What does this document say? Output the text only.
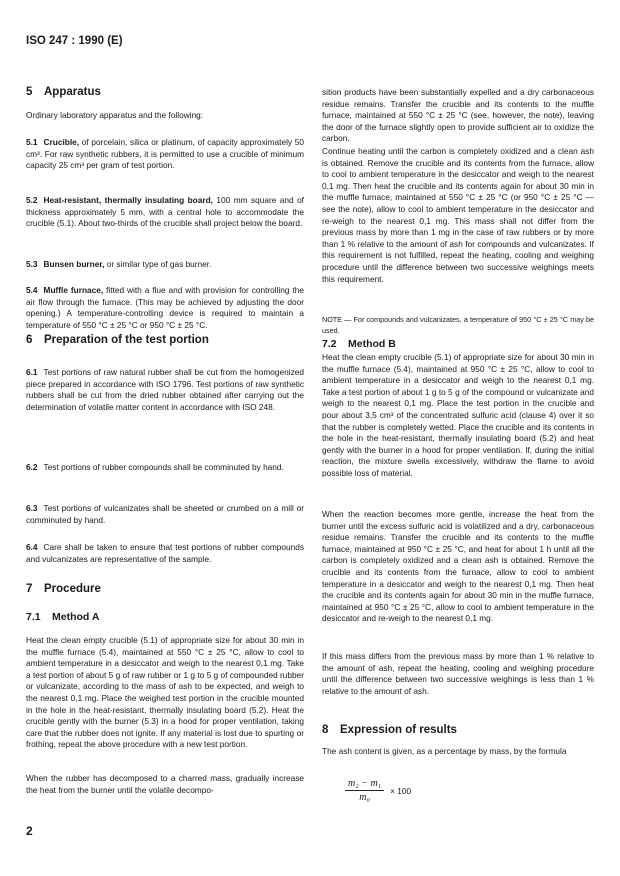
ISO 247 : 1990 (E)
5 Apparatus
Ordinary laboratory apparatus and the following:
5.1 Crucible, of porcelain, silica or platinum, of capacity approximately 50 cm³. For raw synthetic rubbers, it is permitted to use a crucible of minimum capacity 25 cm³ per gram of test portion.
5.2 Heat-resistant, thermally insulating board, 100 mm square and of thickness approximately 5 mm, with a central hole to accommodate the crucible (5.1). About two-thirds of the crucible shall project below the board.
5.3 Bunsen burner, or similar type of gas burner.
5.4 Muffle furnace, fitted with a flue and with provision for controlling the air flow through the furnace. (This may be achieved by adjusting the door opening.) A temperature-controlling device is required to maintain a temperature of 550 °C ± 25 °C or 950 °C ± 25 °C.
6 Preparation of the test portion
6.1 Test portions of raw natural rubber shall be cut from the homogenized piece prepared in accordance with ISO 1796. Test portions of raw synthetic rubbers shall be cut from the dried rubber obtained after carrying out the determination of volatile matter content in accordance with ISO 248.
6.2 Test portions of rubber compounds shall be comminuted by hand.
6.3 Test portions of vulcanizates shall be sheeted or crumbed on a mill or comminuted by hand.
6.4 Care shall be taken to ensure that test portions of rubber compounds and vulcanizates are representative of the sample.
7 Procedure
7.1 Method A
Heat the clean empty crucible (5.1) of appropriate size for about 30 min in the muffle furnace (5.4), maintained at 550 °C ± 25 °C, allow to cool to ambient temperature in a desiccator and weigh to the nearest 0,1 mg. Take a test portion of about 5 g of raw rubber or 1 g to 5 g of compounded rubber or vulcanizate, according to the mass of ash to be expected, and weigh to the nearest 0,1 mg. Place the weighed test portion in the crucible mounted in the hole in the heat-resistant, thermally insulating board (5.2). Heat the crucible gently with the burner (5.3) in a hood for proper ventilation, taking care that the rubber does not ignite. If any material is lost due to spurting or frothing, repeat the above procedure with a new test portion.
When the rubber has decomposed to a charred mass, gradually increase the heat from the burner until the volatile decompo-
2
sition products have been substantially expelled and a dry carbonaceous residue remains. Transfer the crucible and its contents to the muffle furnace, maintained at 550 °C ± 25 °C (see, however, the note), leaving the door of the furnace slightly open to provide sufficient air to oxidize the carbon.
Continue heating until the carbon is completely oxidized and a clean ash is obtained. Remove the crucible and its contents from the furnace, allow to cool to ambient temperature in the desiccator and weigh to the nearest 0,1 mg. Then heat the crucible and its contents again for about 30 min in the muffle furnace, maintained at 550 °C ± 25 °C (or 950 °C ± 25 °C — see the note), allow to cool to ambient temperature in the desiccator and re-weigh to the nearest 0,1 mg. This mass shall not differ from the previous mass by more than 1 mg in the case of raw rubbers or by more than 1 % relative to the amount of ash for compounds and vulcanizates. If this requirement is not fulfilled, repeat the heating, cooling and weighing procedure until the difference between two successive weighings meets this requirement.
NOTE — For compounds and vulcanizates, a temperature of 950 °C ± 25 °C may be used.
7.2 Method B
Heat the clean empty crucible (5.1) of appropriate size for about 30 min in the muffle furnace (5.4), maintained at 950 °C ± 25 °C, allow to cool to ambient temperature in a desiccator and weigh to the nearest 0,1 mg. Take a test portion of about 1 g to 5 g of the compound or vulcanizate and weigh to the nearest 0,1 mg. Place the test portion in the crucible and pour about 3,5 cm³ of the concentrated sulfuric acid (clause 4) over it so that the rubber is completely wetted. Place the crucible and its contents in the hole in the heat-resistant, thermally insulating board (5.2) and heat gently with the burner in a hood for proper ventilation. If, during the initial reaction, the mixture swells excessively, withdraw the flame to avoid possible loss of material.
When the reaction becomes more gentle, increase the heat from the burner until the excess sulfuric acid is volatilized and a dry, carbonaceous residue remains. Transfer the crucible and its contents to the muffle furnace, maintained at 950 °C ± 25 °C, and heat for about 1 h until all the carbon is completely oxidized and a clean ash is obtained. Remove the crucible and its contents from the furnace, allow to cool to ambient temperature in a desiccator and weigh to the nearest 0,1 mg. Then heat the crucible and its contents again for about 30 min in the muffle furnace, maintained at 950 °C ± 25 °C, allow to cool to ambient temperature in the desiccator and re-weigh to the nearest 0,1 mg.
If this mass differs from the previous mass by more than 1 % relative to the amount of ash, repeat the heating, cooling and weighing procedure until the difference between two successive weighings is less than 1 % relative to the amount of ash.
8 Expression of results
The ash content is given, as a percentage by mass, by the formula
$\frac{\text{m₂ − m₁}}{\text{m₀}} \times 100$
